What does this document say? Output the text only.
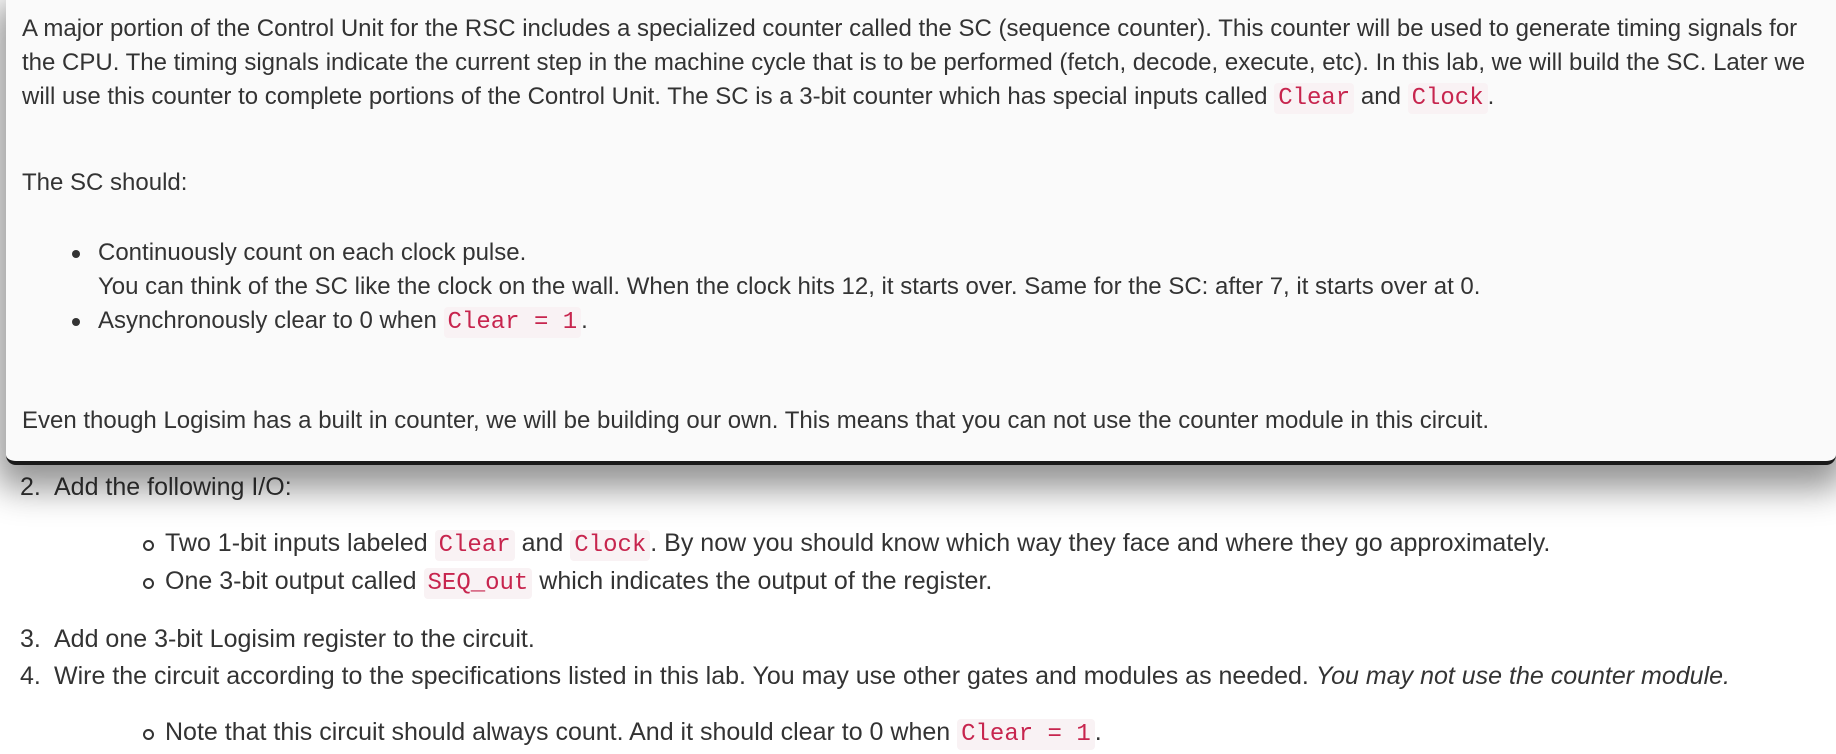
2. Add the following I/O:
Two 1-bit inputs labeled Clear and Clock . By now you should know which way they face and where they go approximately.
One 3-bit output called SEQ_out which indicates the output of the register.
3. Add one 3-bit Logisim register to the circuit.
4. Wire the circuit according to the specifications listed in this lab. You may use other gates and modules as needed. You may not use the counter module.
Note that this circuit should always count. And it should clear to 0 when Clear = 1 .

A major portion of the Control Unit for the RSC includes a specialized counter called the SC (sequence counter). This counter will be used to generate timing signals for the CPU. The timing signals indicate the current step in the machine cycle that is to be performed (fetch, decode, execute, etc). In this lab, we will build the SC. Later we will use this counter to complete portions of the Control Unit. The SC is a 3-bit counter which has special inputs called Clear and Clock .

The SC should:

Continuously count on each clock pulse.
You can think of the SC like the clock on the wall. When the clock hits 12, it starts over. Same for the SC: after 7, it starts over at 0.
Asynchronously clear to 0 when Clear = 1 .

Even though Logisim has a built in counter, we will be building our own. This means that you can not use the counter module in this circuit.
